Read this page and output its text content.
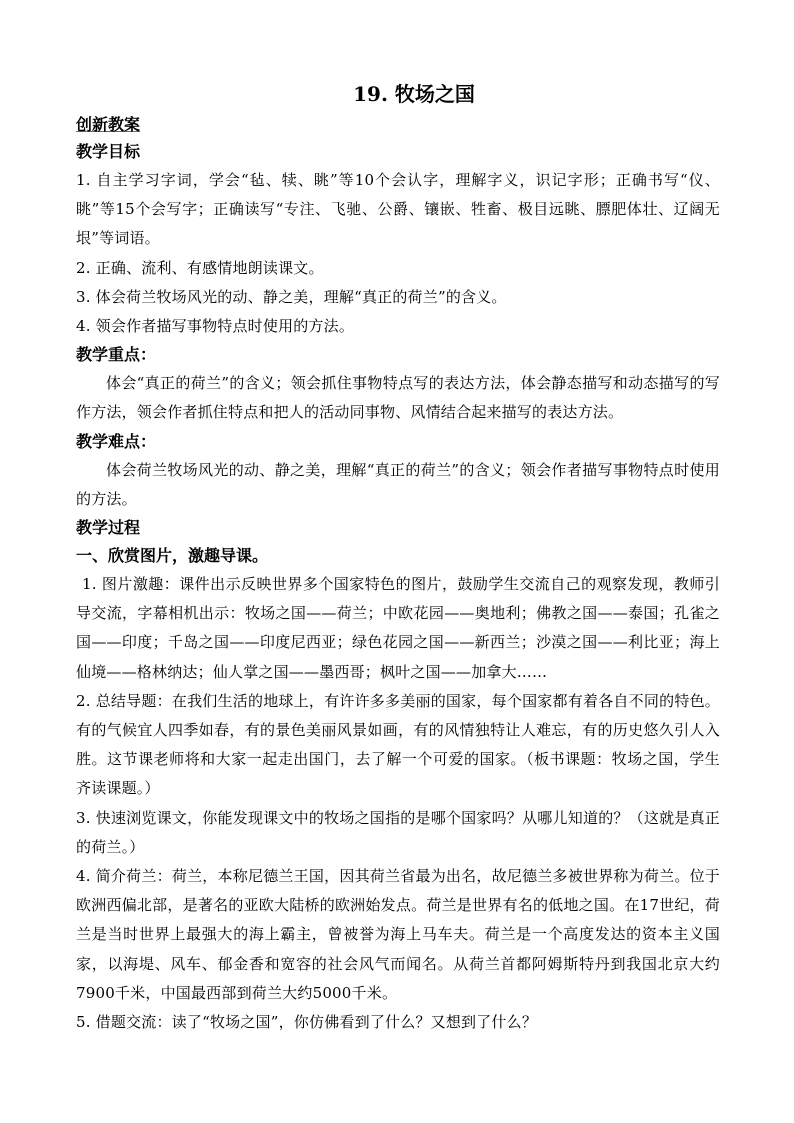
19. 牧场之国
创新教案

教学目标

1. 自主学习字词，学会“毡、犊、眺”等10个会认字，理解字义，识记字形；正确书写“仪、眺”等15个会写字；正确读写“专注、飞驰、公爵、镶嵌、牲畜、极目远眺、膘肥体壮、辽阔无垠”等词语。

2. 正确、流利、有感情地朗读课文。

3. 体会荷兰牧场风光的动、静之美，理解“真正的荷兰”的含义。

4. 领会作者描写事物特点时使用的方法。

教学重点：

体会“真正的荷兰”的含义；领会抓住事物特点写的表达方法，体会静态描写和动态描写的写作方法，领会作者抓住特点和把人的活动同事物、风情结合起来描写的表达方法。

教学难点：

体会荷兰牧场风光的动、静之美，理解“真正的荷兰”的含义；领会作者描写事物特点时使用的方法。

教学过程

一、欣赏图片，激趣导课。

1. 图片激趣：课件出示反映世界多个国家特色的图片，鼓励学生交流自己的观察发现，教师引导交流，字幕相机出示：牧场之国——荷兰；中欧花园——奥地利；佛教之国——泰国；孔雀之国——印度；千岛之国——印度尼西亚；绿色花园之国——新西兰；沙漠之国——利比亚；海上仙境——格林纳达；仙人掌之国——墨西哥；枫叶之国——加拿大……

2. 总结导题：在我们生活的地球上，有许许多多美丽的国家，每个国家都有着各自不同的特色。有的气候宜人四季如春，有的景色美丽风景如画，有的风情独特让人难忘，有的历史悠久引人入胜。这节课老师将和大家一起走出国门，去了解一个可爱的国家。（板书课题：牧场之国，学生齐读课题。）

3. 快速浏览课文，你能发现课文中的牧场之国指的是哪个国家吗？从哪儿知道的？（这就是真正的荷兰。）

4. 简介荷兰：荷兰，本称尼德兰王国，因其荷兰省最为出名，故尼德兰多被世界称为荷兰。位于欧洲西偏北部，是著名的亚欧大陆桥的欧洲始发点。荷兰是世界有名的低地之国。在17世纪，荷兰是当时世界上最强大的海上霸主，曾被誉为海上马车夫。荷兰是一个高度发达的资本主义国家，以海堤、风车、郁金香和宽容的社会风气而闻名。从荷兰首都阿姆斯特丹到我国北京大约7900千米，中国最西部到荷兰大约5000千米。

5. 借题交流：读了“牧场之国”，你仿佛看到了什么？又想到了什么？
